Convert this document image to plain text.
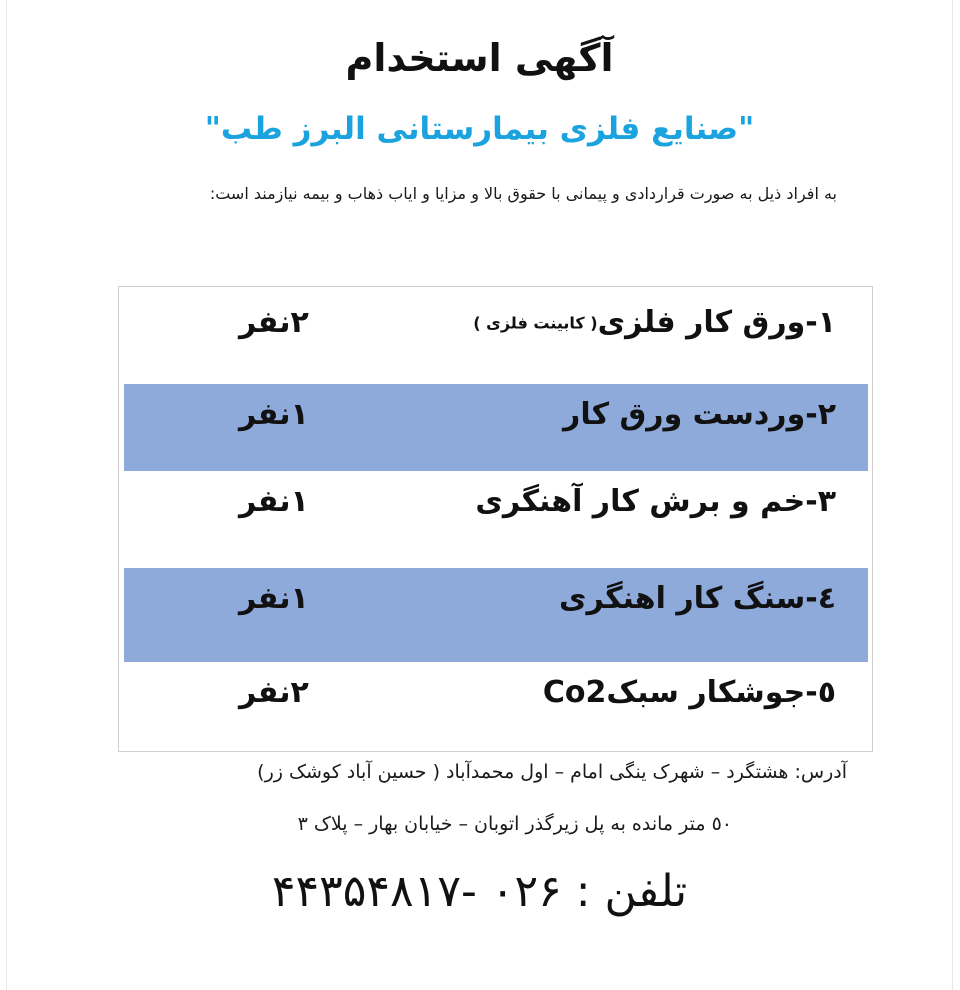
آگهی استخدام
"صنایع فلزی بیمارستانی البرز طب"
به افراد ذیل به صورت قراردادی و پیمانی با حقوق بالا و مزایا و ایاب ذهاب و بیمه نیازمند است:
۱-ورق کار فلزی( کابینت فلزی )
۲نفر
۲-وردست ورق کار
۱نفر
۳-خم و برش کار آهنگری
۱نفر
٤-سنگ کار اهنگری
۱نفر
٥-جوشکار سبکCo2
۲نفر
آدرس: هشتگرد – شهرک ینگی امام – اول محمدآباد ( حسین آباد کوشک زر)
٥۰ متر مانده به پل زیرگذر اتوبان – خیابان بهار – پلاک ۳
تلفن : ۰۲۶ -۴۴۳۵۴۸۱۷
